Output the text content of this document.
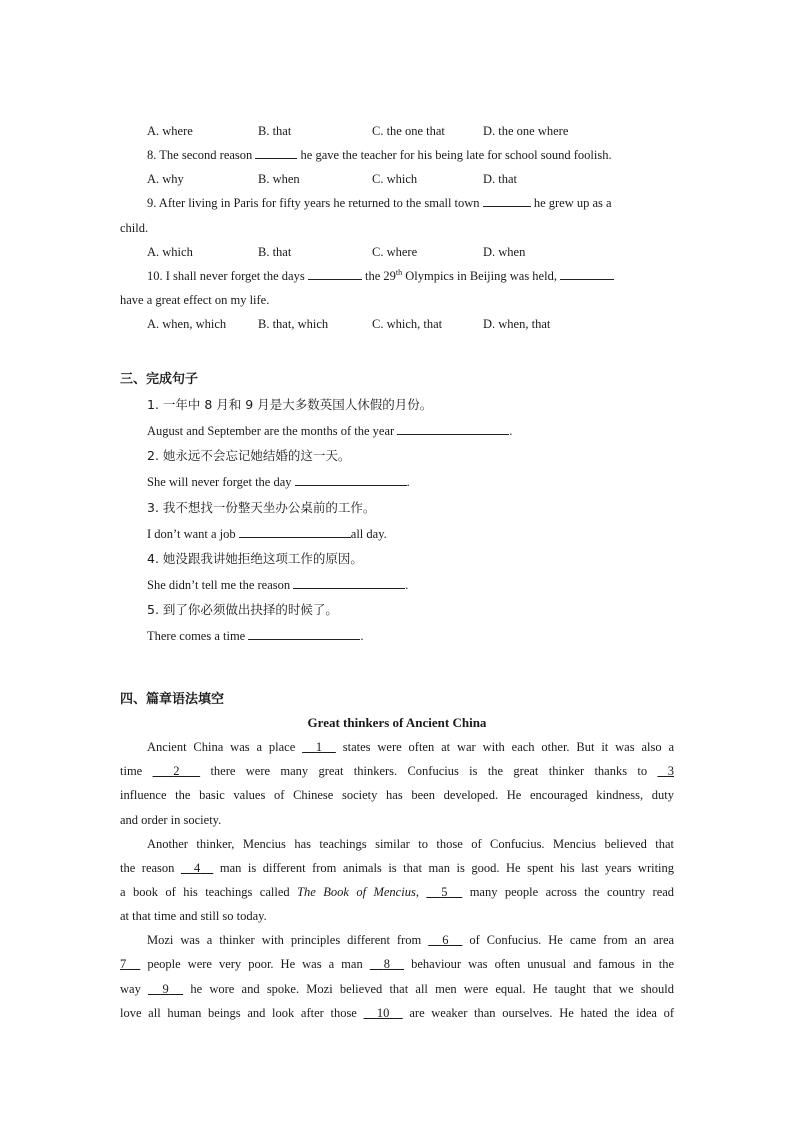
A. where	B. that	C. the one that	D. the one where
8. The second reason	he gave the teacher for his being late for school sound foolish.
A. why	B. when	C. which	D. that
9. After living in Paris for fifty years he returned to the small town	he grew up as a
child.
A. which	B. that	C. where	D. when
10. I shall never forget the days	the 29th Olympics in Beijing was held,
have a great effect on my life.
A. when, which	B. that, which	C. which, that	D. when, that
三、完成句子
1. 一年中 8 月和 9 月是大多数英国人休假的月份。
August and September are the months of the year	.
2. 她永远不会忘记她结婚的这一天。
She will never forget the day	.
3. 我不想找一份整天坐办公桌前的工作。
I don’t want a job	all day.
4. 她没跟我讲她拒绝这项工作的原因。
She didn’t tell me the reason	.
5. 到了你必须做出抉择的时候了。
There comes a time	.
四、篇章语法填空
Great thinkers of Ancient China
Ancient China was a place 1 states were often at war with each other. But it was also a
time 2 there were many great thinkers. Confucius is the great thinker thanks to 3
influence the basic values of Chinese society has been developed. He encouraged kindness, duty
and order in society.
Another thinker, Mencius has teachings similar to those of Confucius. Mencius believed that
the reason 4 man is different from animals is that man is good. He spent his last years writing
a book of his teachings called The Book of Mencius, 5 many people across the country read
at that time and still so today.
Mozi was a thinker with principles different from 6 of Confucius. He came from an area
7 people were very poor. He was a man 8 behaviour was often unusual and famous in the
way 9 he wore and spoke. Mozi believed that all men were equal. He taught that we should
love all human beings and look after those 10 are weaker than ourselves. He hated the idea of
